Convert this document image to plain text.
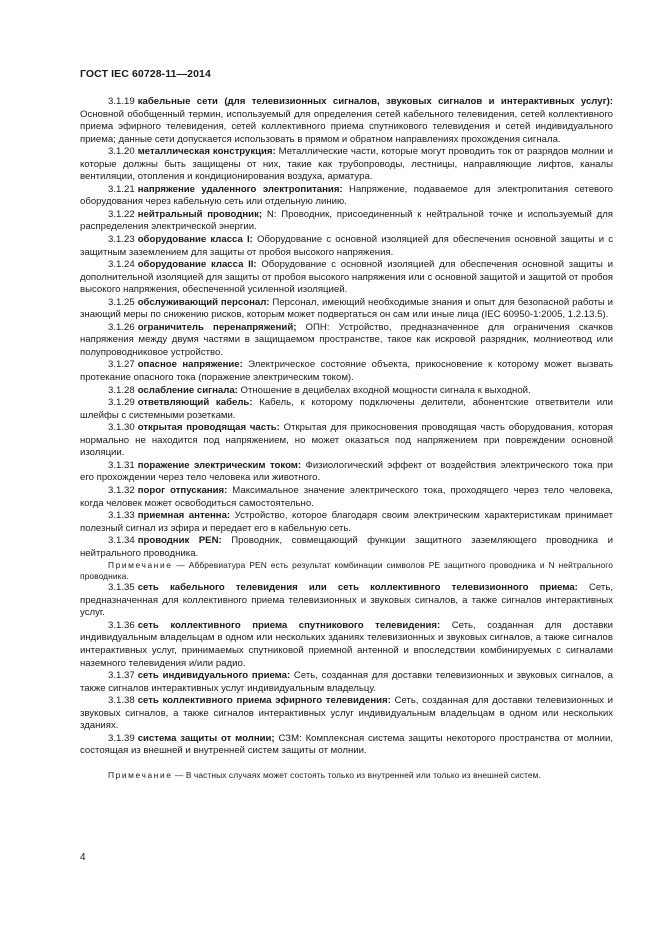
ГОСТ IEC 60728-11—2014

3.1.19 кабельные сети (для телевизионных сигналов, звуковых сигналов и интерактивных услуг): Основной обобщенный термин, используемый для определения сетей кабельного телевидения, сетей коллективного приема эфирного телевидения, сетей коллективного приема спутникового телевидения и сетей индивидуального приема; данные сети допускается использовать в прямом и обратном направлениях прохождения сигнала.

3.1.20 металлическая конструкция: Металлические части, которые могут проводить ток от разрядов молнии и которые должны быть защищены от них, такие как трубопроводы, лестницы, направляющие лифтов, каналы вентиляции, отопления и кондиционирования воздуха, арматура.

3.1.21 напряжение удаленного электропитания: Напряжение, подаваемое для электропитания сетевого оборудования через кабельную сеть или отдельную линию.

3.1.22 нейтральный проводник; N: Проводник, присоединенный к нейтральной точке и используемый для распределения электрической энергии.

3.1.23 оборудование класса I: Оборудование с основной изоляцией для обеспечения основной защиты и с защитным заземлением для защиты от пробоя высокого напряжения.

3.1.24 оборудование класса II: Оборудование с основной изоляцией для обеспечения основной защиты и дополнительной изоляцией для защиты от пробоя высокого напряжения или с основной защитой и защитой от пробоя высокого напряжения, обеспеченной усиленной изоляцией.

3.1.25 обслуживающий персонал: Персонал, имеющий необходимые знания и опыт для безопасной работы и знающий меры по снижению рисков, которым может подвергаться он сам или иные лица (IEC 60950-1:2005, 1.2.13.5).

3.1.26 ограничитель перенапряжений; ОПН: Устройство, предназначенное для ограничения скачков напряжения между двумя частями в защищаемом пространстве, такое как искровой разрядник, молниеотвод или полупроводниковое устройство.

3.1.27 опасное напряжение: Электрическое состояние объекта, прикосновение к которому может вызвать протекание опасного тока (поражение электрическим током).

3.1.28 ослабление сигнала: Отношение в децибелах входной мощности сигнала к выходной.

3.1.29 ответвляющий кабель: Кабель, к которому подключены делители, абонентские ответвители или шлейфы с системными розетками.

3.1.30 открытая проводящая часть: Открытая для прикосновения проводящая часть оборудования, которая нормально не находится под напряжением, но может оказаться под напряжением при повреждении основной изоляции.

3.1.31 поражение электрическим током: Физиологический эффект от воздействия электрического тока при его прохождении через тело человека или животного.

3.1.32 порог отпускания: Максимальное значение электрического тока, проходящего через тело человека, когда человек может освободиться самостоятельно.

3.1.33 приемная антенна: Устройство, которое благодаря своим электрическим характеристикам принимает полезный сигнал из эфира и передает его в кабельную сеть.

3.1.34 проводник PEN: Проводник, совмещающий функции защитного заземляющего проводника и нейтрального проводника.

Примечание — Аббревиатура PEN есть результат комбинации символов PE защитного проводника и N нейтрального проводника.

3.1.35 сеть кабельного телевидения или сеть коллективного телевизионного приема: Сеть, предназначенная для коллективного приема телевизионных и звуковых сигналов, а также сигналов интерактивных услуг.

3.1.36 сеть коллективного приема спутникового телевидения: Сеть, созданная для доставки индивидуальным владельцам в одном или нескольких зданиях телевизионных и звуковых сигналов, а также сигналов интерактивных услуг, принимаемых спутниковой приемной антенной и впоследствии комбинируемых с сигналами наземного телевидения и/или радио.

3.1.37 сеть индивидуального приема: Сеть, созданная для доставки телевизионных и звуковых сигналов, а также сигналов интерактивных услуг индивидуальным владельцу.

3.1.38 сеть коллективного приема эфирного телевидения: Сеть, созданная для доставки телевизионных и звуковых сигналов, а также сигналов интерактивных услуг индивидуальным владельцам в одном или нескольких зданиях.

3.1.39 система защиты от молнии; СЗМ: Комплексная система защиты некоторого пространства от молнии, состоящая из внешней и внутренней систем защиты от молнии.

Примечание — В частных случаях может состоять только из внутренней или только из внешней систем.

4
